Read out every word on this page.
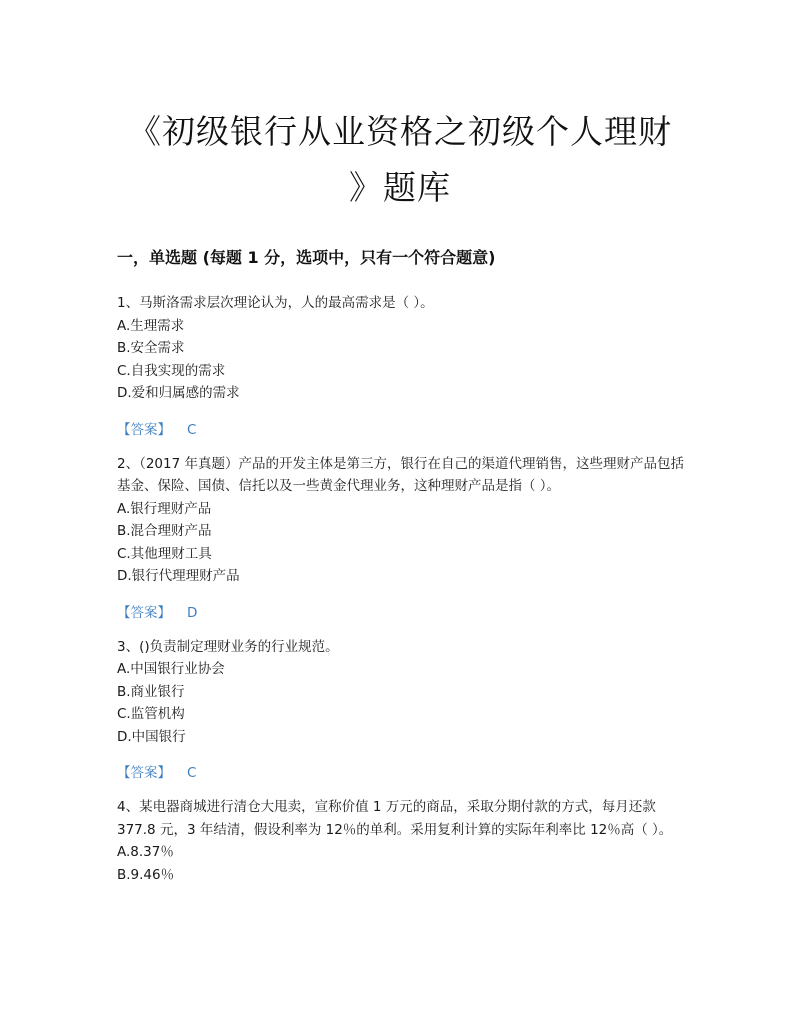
《初级银行从业资格之初级个人理财
》题库
一，单选题 (每题 1 分，选项中，只有一个符合题意)

1、马斯洛需求层次理论认为，人的最高需求是（ ）。

A.生理需求

B.安全需求

C.自我实现的需求

D.爱和归属感的需求

【答案】 C

2、（2017 年真题）产品的开发主体是第三方，银行在自己的渠道代理销售，这些理财产品包括基金、保险、国债、信托以及一些黄金代理业务，这种理财产品是指（ ）。

A.银行理财产品

B.混合理财产品

C.其他理财工具

D.银行代理理财产品

【答案】 D

3、()负责制定理财业务的行业规范。

A.中国银行业协会

B.商业银行

C.监管机构

D.中国银行

【答案】 C

4、某电器商城进行清仓大甩卖，宣称价值 1 万元的商品，采取分期付款的方式，每月还款 377.8 元，3 年结清，假设利率为 12％的单利。采用复利计算的实际年利率比 12％高（ ）。

A.8.37％

B.9.46％
